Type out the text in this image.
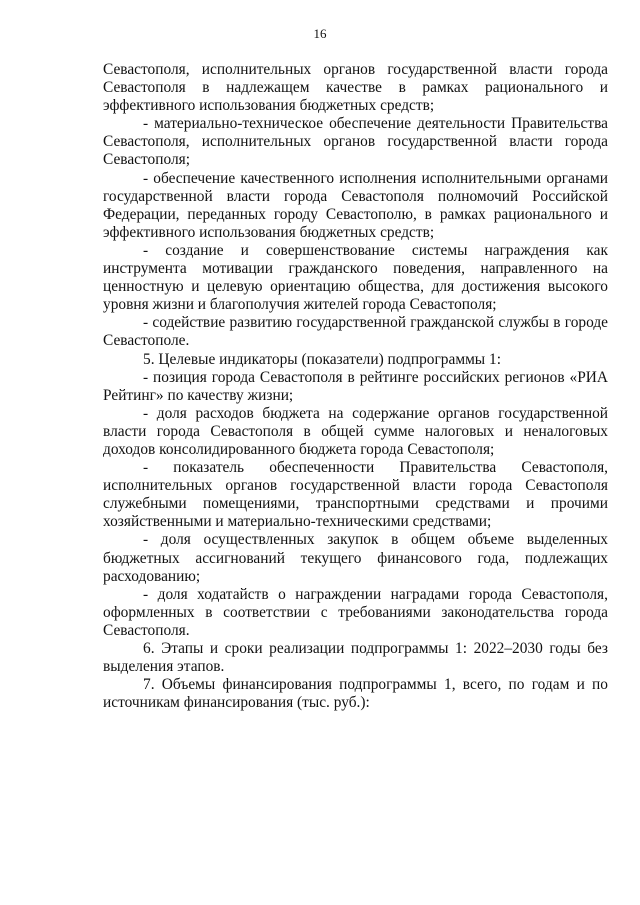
16

Севастополя, исполнительных органов государственной власти города Севастополя в надлежащем качестве в рамках рационального и эффективного использования бюджетных средств;

- материально-техническое обеспечение деятельности Правительства Севастополя, исполнительных органов государственной власти города Севастополя;

- обеспечение качественного исполнения исполнительными органами государственной власти города Севастополя полномочий Российской Федерации, переданных городу Севастополю, в рамках рационального и эффективного использования бюджетных средств;

- создание и совершенствование системы награждения как инструмента мотивации гражданского поведения, направленного на ценностную и целевую ориентацию общества, для достижения высокого уровня жизни и благополучия жителей города Севастополя;

- содействие развитию государственной гражданской службы в городе Севастополе.

5. Целевые индикаторы (показатели) подпрограммы 1:

- позиция города Севастополя в рейтинге российских регионов «РИА Рейтинг» по качеству жизни;

- доля расходов бюджета на содержание органов государственной власти города Севастополя в общей сумме налоговых и неналоговых доходов консолидированного бюджета города Севастополя;

- показатель обеспеченности Правительства Севастополя, исполнительных органов государственной власти города Севастополя служебными помещениями, транспортными средствами и прочими хозяйственными и материально-техническими средствами;

- доля осуществленных закупок в общем объеме выделенных бюджетных ассигнований текущего финансового года, подлежащих расходованию;

- доля ходатайств о награждении наградами города Севастополя, оформленных в соответствии с требованиями законодательства города Севастополя.

6. Этапы и сроки реализации подпрограммы 1: 2022–2030 годы без выделения этапов.

7. Объемы финансирования подпрограммы 1, всего, по годам и по источникам финансирования (тыс. руб.):
